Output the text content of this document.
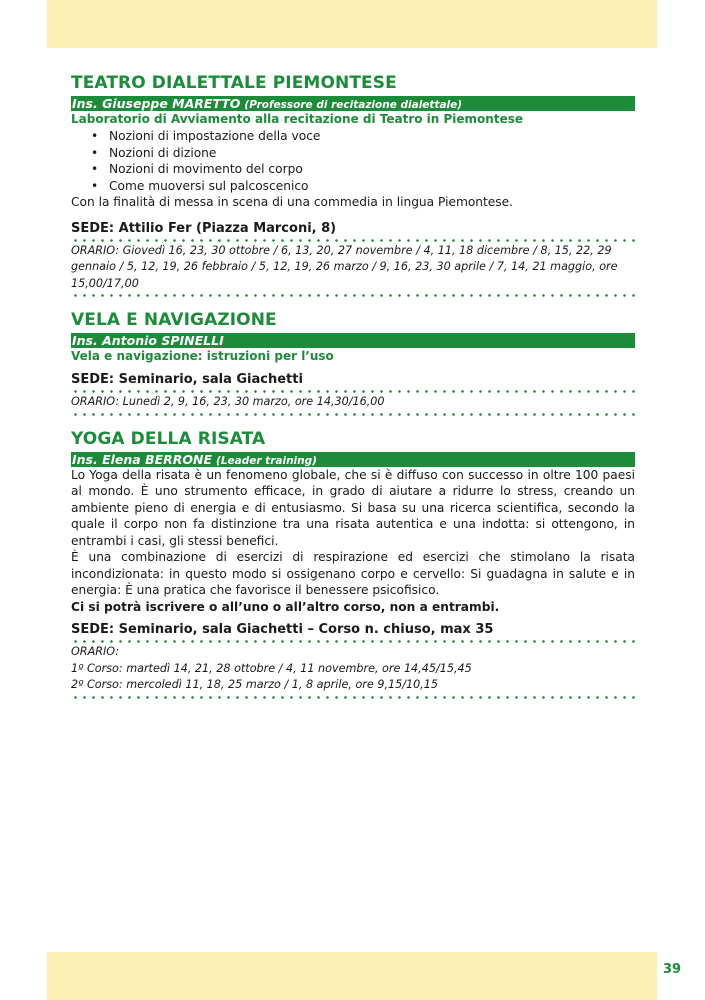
TEATRO DIALETTALE PIEMONTESE
Ins. Giuseppe MARETTO (Professore di recitazione dialettale)
Laboratorio di Avviamento alla recitazione di Teatro in Piemontese
• Nozioni di impostazione della voce
• Nozioni di dizione
• Nozioni di movimento del corpo
• Come muoversi sul palcoscenico
Con la finalità di messa in scena di una commedia in lingua Piemontese.
SEDE: Attilio Fer (Piazza Marconi, 8)
ORARIO: Giovedì 16, 23, 30 ottobre / 6, 13, 20, 27 novembre / 4, 11, 18 dicembre / 8, 15, 22, 29 gennaio / 5, 12, 19, 26 febbraio / 5, 12, 19, 26 marzo / 9, 16, 23, 30 aprile / 7, 14, 21 maggio, ore 15,00/17,00
VELA E NAVIGAZIONE
Ins. Antonio SPINELLI
Vela e navigazione: istruzioni per l’uso
SEDE: Seminario, sala Giachetti
ORARIO: Lunedì 2, 9, 16, 23, 30 marzo, ore 14,30/16,00
YOGA DELLA RISATA
Ins. Elena BERRONE (Leader training)
Lo Yoga della risata è un fenomeno globale, che si è diffuso con successo in oltre 100 paesi al mondo. È uno strumento efficace, in grado di aiutare a ridurre lo stress, creando un ambiente pieno di energia e di entusiasmo. Si basa su una ricerca scientifica, secondo la quale il corpo non fa distinzione tra una risata autentica e una indotta: si ottengono, in entrambi i casi, gli stessi benefici.
È una combinazione di esercizi di respirazione ed esercizi che stimolano la risata incondizionata: in questo modo si ossigenano corpo e cervello: Si guadagna in salute e in energia: È una pratica che favorisce il benessere psicofisico.
Ci si potrà iscrivere o all’uno o all’altro corso, non a entrambi.
SEDE: Seminario, sala Giachetti – Corso n. chiuso, max 35
ORARIO:
1º Corso: martedì 14, 21, 28 ottobre / 4, 11 novembre, ore 14,45/15,45
2º Corso: mercoledì 11, 18, 25 marzo / 1, 8 aprile, ore 9,15/10,15
39
